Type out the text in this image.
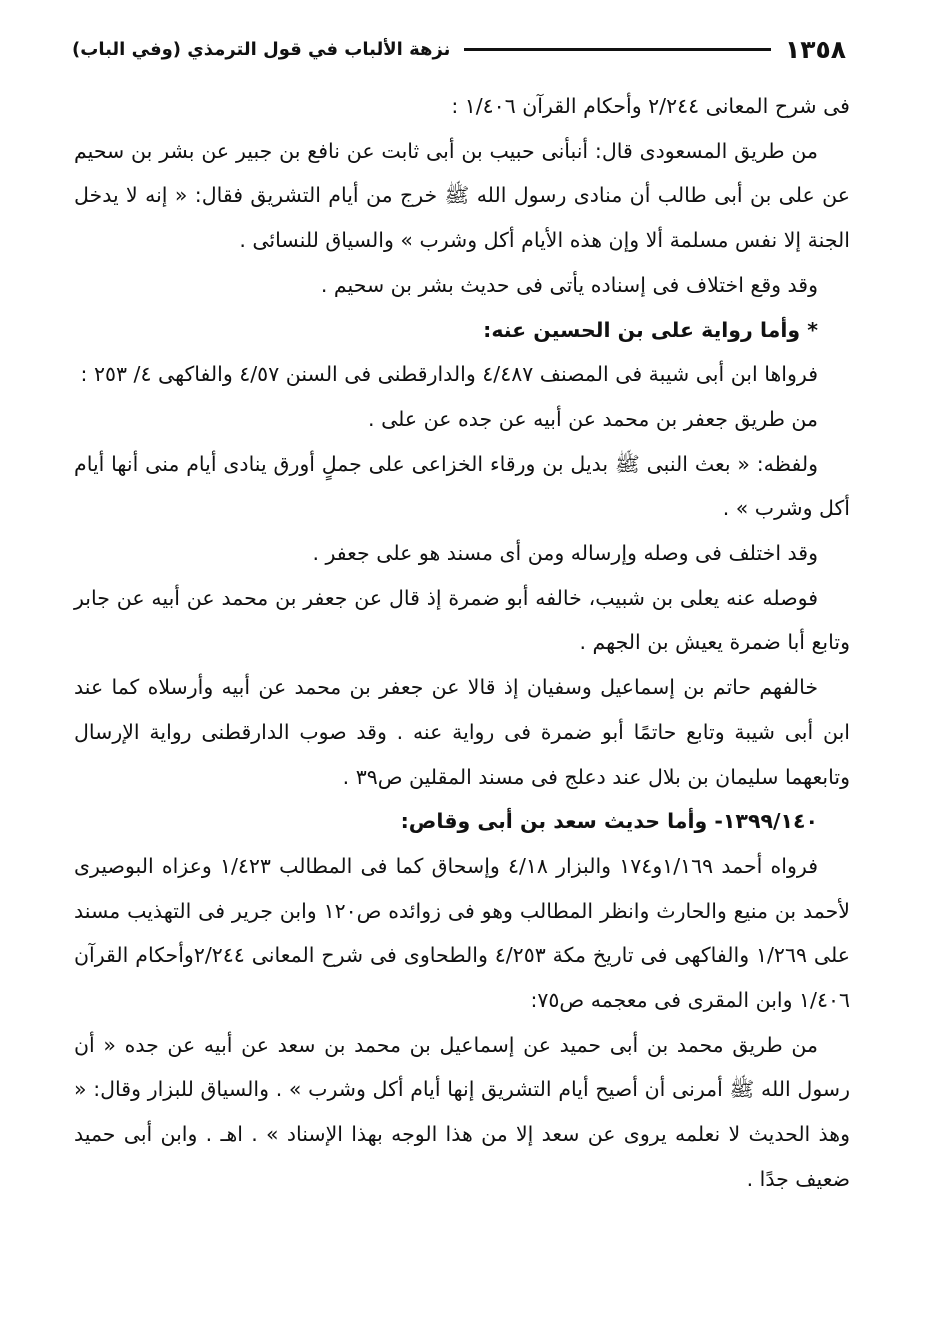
١٣٥٨
نزهة الألباب في قول الترمذي (وفي الباب)

فى شرح المعانى ٢/٢٤٤ وأحكام القرآن ١/٤٠٦ :

من طريق المسعودى قال: أنبأنى حبيب بن أبى ثابت عن نافع بن جبير عن بشر بن سحيم عن على بن أبى طالب أن منادى رسول الله ﷺ خرج من أيام التشريق فقال: « إنه لا يدخل الجنة إلا نفس مسلمة ألا وإن هذه الأيام أكل وشرب » والسياق للنسائى .

وقد وقع اختلاف فى إسناده يأتى فى حديث بشر بن سحيم .

* وأما رواية على بن الحسين عنه:

فرواها ابن أبى شيبة فى المصنف ٤/٤٨٧ والدارقطنى فى السنن ٤/٥٧ والفاكهى ٤/ ٢٥٣ :

من طريق جعفر بن محمد عن أبيه عن جده عن على .

ولفظه: « بعث النبى ﷺ بديل بن ورقاء الخزاعى على جملٍ أورق ينادى أيام منى أنها أيام أكل وشرب » .

وقد اختلف فى وصله وإرساله ومن أى مسند هو على جعفر .

فوصله عنه يعلى بن شبيب، خالفه أبو ضمرة إذ قال عن جعفر بن محمد عن أبيه عن جابر وتابع أبا ضمرة يعيش بن الجهم .

خالفهم حاتم بن إسماعيل وسفيان إذ قالا عن جعفر بن محمد عن أبيه وأرسلاه كما عند ابن أبى شيبة وتابع حاتمًا أبو ضمرة فى رواية عنه . وقد صوب الدارقطنى رواية الإرسال وتابعهما سليمان بن بلال عند دعلج فى مسند المقلين ص٣٩ .

١٣٩٩/١٤٠- وأما حديث سعد بن أبى وقاص:

فرواه أحمد ١/١٦٩و١٧٤ والبزار ٤/١٨ وإسحاق كما فى المطالب ١/٤٢٣ وعزاه البوصيرى لأحمد بن منيع والحارث وانظر المطالب وهو فى زوائده ص١٢٠ وابن جرير فى التهذيب مسند على ١/٢٦٩ والفاكهى فى تاريخ مكة ٤/٢٥٣ والطحاوى فى شرح المعانى ٢/٢٤٤وأحكام القرآن ١/٤٠٦ وابن المقرى فى معجمه ص٧٥:

من طريق محمد بن أبى حميد عن إسماعيل بن محمد بن سعد عن أبيه عن جده « أن رسول الله ﷺ أمرنى أن أصيح أيام التشريق إنها أيام أكل وشرب » . والسياق للبزار وقال: « وهذ الحديث لا نعلمه يروى عن سعد إلا من هذا الوجه بهذا الإسناد » . اهـ . وابن أبى حميد ضعيف جدًا .
